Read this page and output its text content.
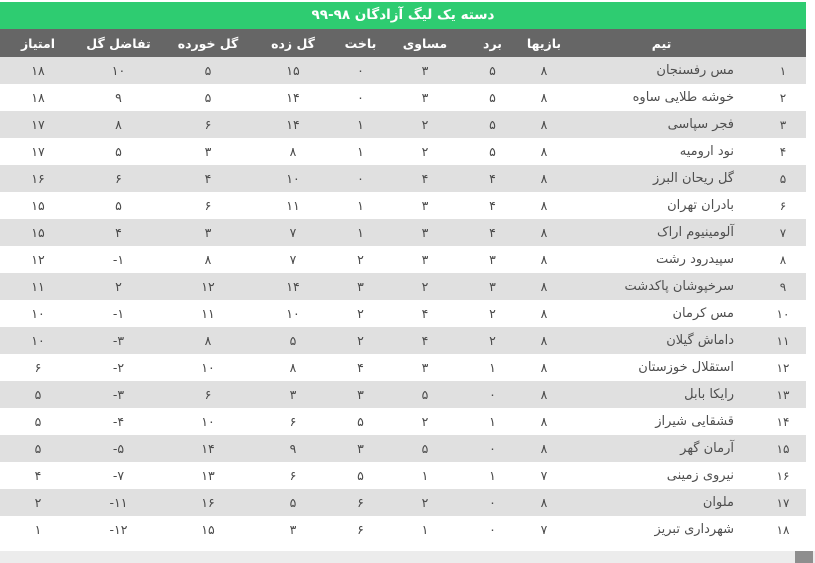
دسته یک لیگ آزادگان ۹۸-۹۹
	تیم	بازیها	برد	مساوی	باخت	گل زده	گل خورده	تفاضل گل	امتیاز
۱	مس رفسنجان	۸	۵	۳	۰	۱۵	۵	۱۰	۱۸
۲	خوشه طلایی ساوه	۸	۵	۳	۰	۱۴	۵	۹	۱۸
۳	فجر سپاسی	۸	۵	۲	۱	۱۴	۶	۸	۱۷
۴	نود ارومیه	۸	۵	۲	۱	۸	۳	۵	۱۷
۵	گل ریحان البرز	۸	۴	۴	۰	۱۰	۴	۶	۱۶
۶	بادران تهران	۸	۴	۳	۱	۱۱	۶	۵	۱۵
۷	آلومینیوم اراک	۸	۴	۳	۱	۷	۳	۴	۱۵
۸	سپیدرود رشت	۸	۳	۳	۲	۷	۸	-۱	۱۲
۹	سرخپوشان پاکدشت	۸	۳	۲	۳	۱۴	۱۲	۲	۱۱
۱۰	مس کرمان	۸	۲	۴	۲	۱۰	۱۱	-۱	۱۰
۱۱	داماش گیلان	۸	۲	۴	۲	۵	۸	-۳	۱۰
۱۲	استقلال خوزستان	۸	۱	۳	۴	۸	۱۰	-۲	۶
۱۳	رایکا بابل	۸	۰	۵	۳	۳	۶	-۳	۵
۱۴	قشقایی شیراز	۸	۱	۲	۵	۶	۱۰	-۴	۵
۱۵	آرمان گهر	۸	۰	۵	۳	۹	۱۴	-۵	۵
۱۶	نیروی زمینی	۷	۱	۱	۵	۶	۱۳	-۷	۴
۱۷	ملوان	۸	۰	۲	۶	۵	۱۶	-۱۱	۲
۱۸	شهرداری تبریز	۷	۰	۱	۶	۳	۱۵	-۱۲	۱
